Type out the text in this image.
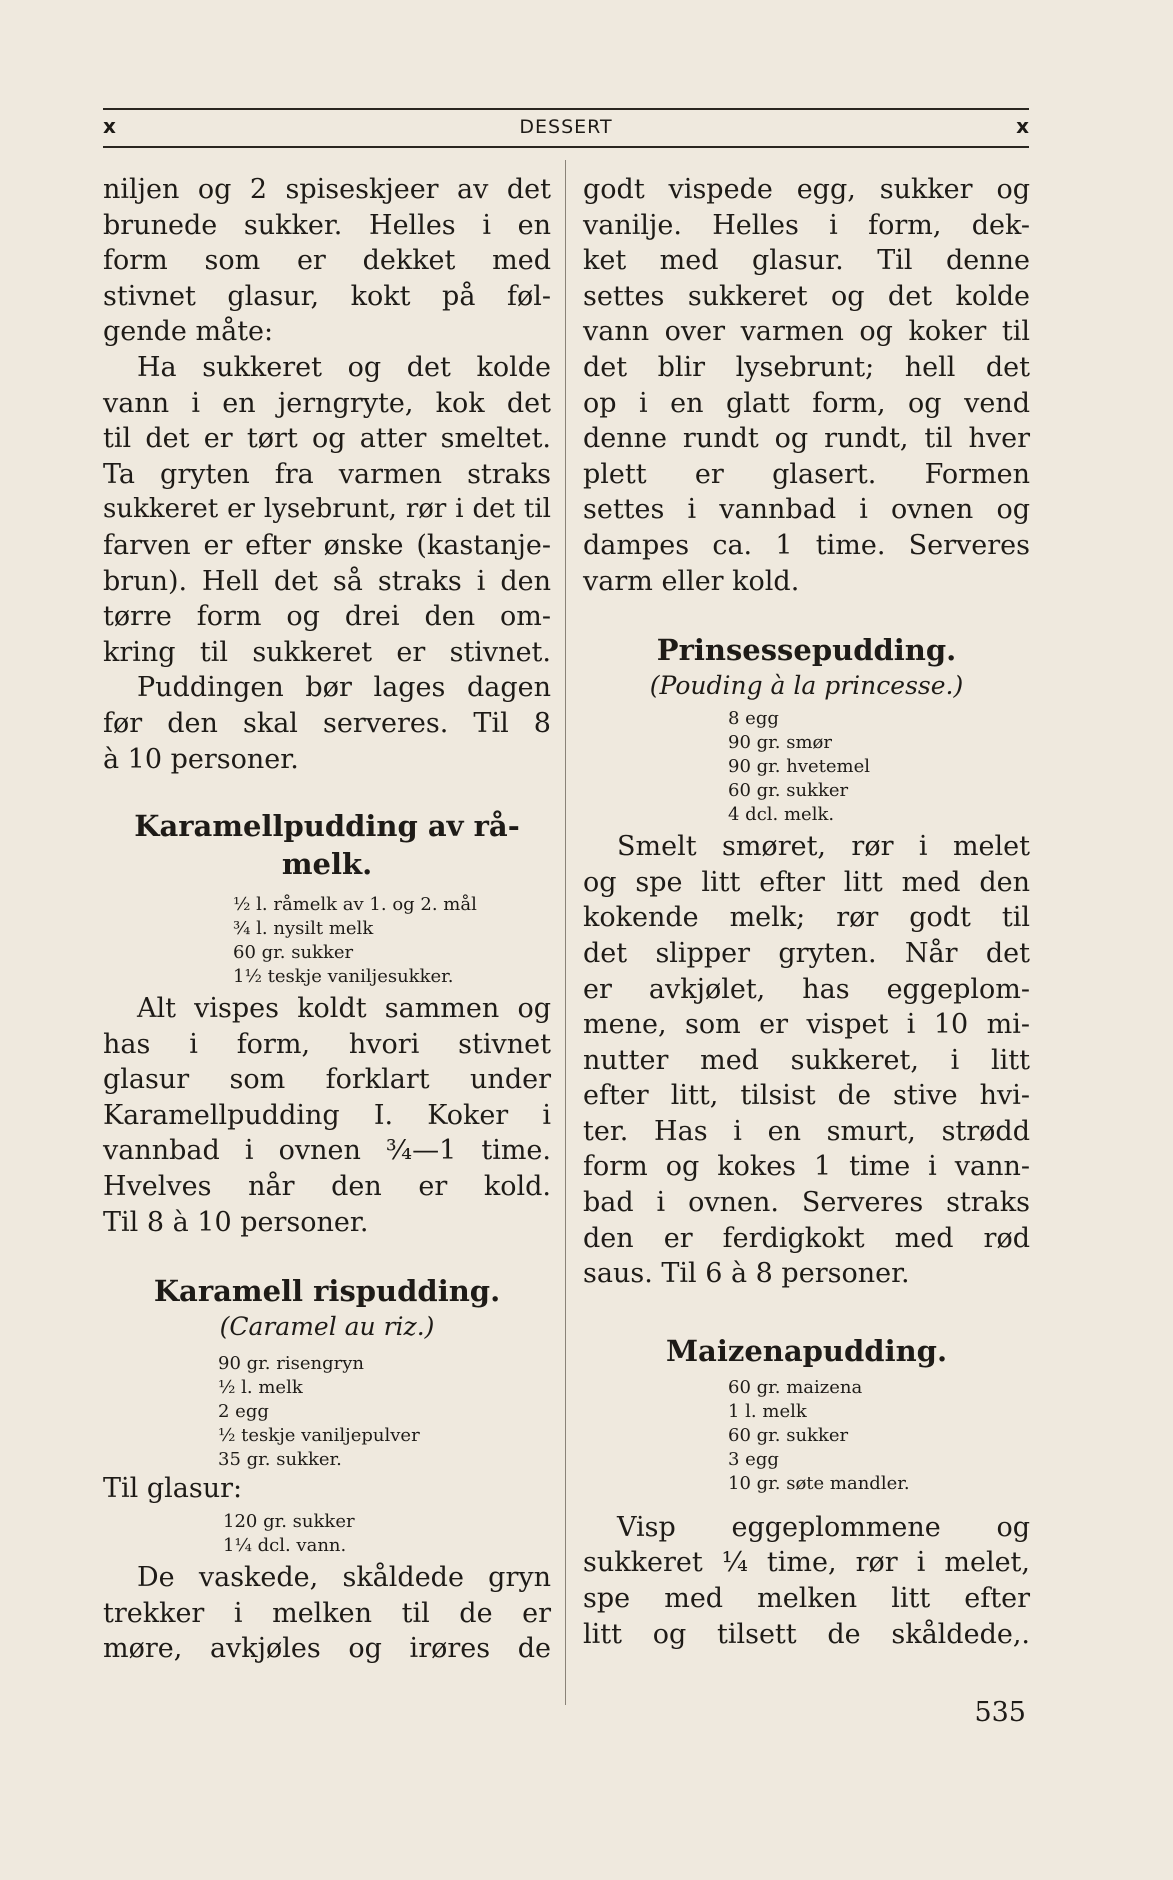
x	DESSERT	x
niljen og 2 spiseskjeer av det
brunede sukker. Helles i en
form som er dekket med
stivnet glasur, kokt på føl-
gende måte:
Ha sukkeret og det kolde
vann i en jerngryte, kok det
til det er tørt og atter smeltet.
Ta gryten fra varmen straks
sukkeret er lysebrunt, rør i det til
farven er efter ønske (kastanje-
brun). Hell det så straks i den
tørre form og drei den om-
kring til sukkeret er stivnet.
Puddingen bør lages dagen
før den skal serveres. Til 8
à 10 personer.
Karamellpudding av rå-
melk.
½ l. råmelk av 1. og 2. mål
¾ l. nysilt melk
60 gr. sukker
1½ teskje vaniljesukker.
Alt vispes koldt sammen og
has i form, hvori stivnet
glasur som forklart under
Karamellpudding I. Koker i
vannbad i ovnen ¾—1 time.
Hvelves når den er kold.
Til 8 à 10 personer.
Karamell rispudding.
(Caramel au riz.)
90 gr. risengryn
½ l. melk
2 egg
½ teskje vaniljepulver
35 gr. sukker.
Til glasur:
120 gr. sukker
1¼ dcl. vann.
De vaskede, skåldede gryn
trekker i melken til de er
møre, avkjøles og irøres de
godt vispede egg, sukker og
vanilje. Helles i form, dek-
ket med glasur. Til denne
settes sukkeret og det kolde
vann over varmen og koker til
det blir lysebrunt; hell det
op i en glatt form, og vend
denne rundt og rundt, til hver
plett er glasert. Formen
settes i vannbad i ovnen og
dampes ca. 1 time. Serveres
varm eller kold.
Prinsessepudding.
(Pouding à la princesse.)
8 egg
90 gr. smør
90 gr. hvetemel
60 gr. sukker
4 dcl. melk.
Smelt smøret, rør i melet
og spe litt efter litt med den
kokende melk; rør godt til
det slipper gryten. Når det
er avkjølet, has eggeplom-
mene, som er vispet i 10 mi-
nutter med sukkeret, i litt
efter litt, tilsist de stive hvi-
ter. Has i en smurt, strødd
form og kokes 1 time i vann-
bad i ovnen. Serveres straks
den er ferdigkokt med rød
saus. Til 6 à 8 personer.
Maizenapudding.
60 gr. maizena
1 l. melk
60 gr. sukker
3 egg
10 gr. søte mandler.
Visp eggeplommene og
sukkeret ¼ time, rør i melet,
spe med melken litt efter
litt og tilsett de skåldede,.
535
